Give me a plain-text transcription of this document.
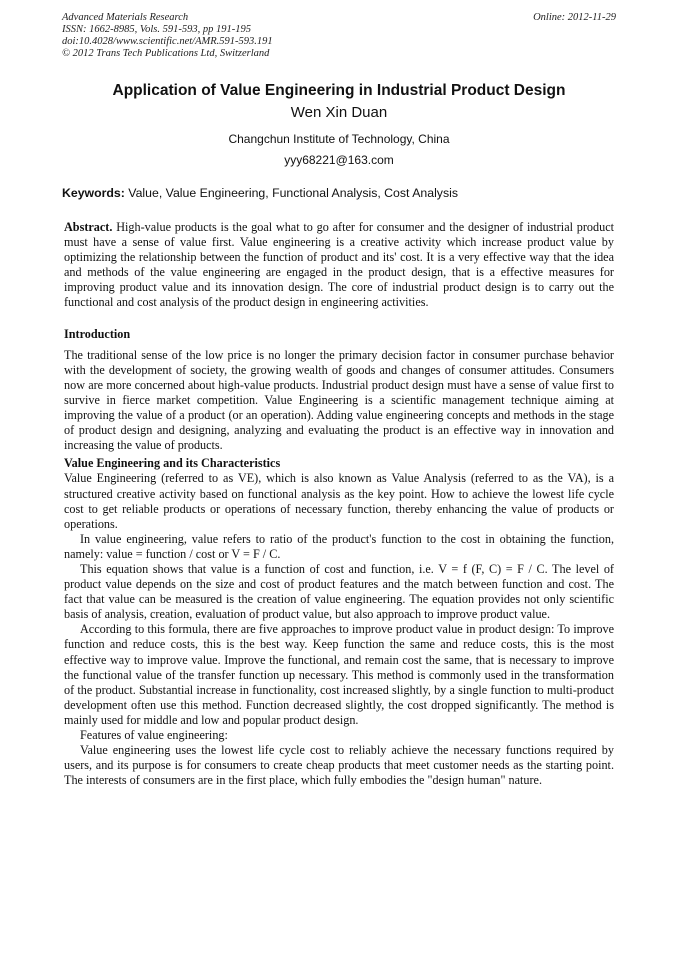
Advanced Materials Research
ISSN: 1662-8985, Vols. 591-593, pp 191-195
doi:10.4028/www.scientific.net/AMR.591-593.191
© 2012 Trans Tech Publications Ltd, Switzerland
Online: 2012-11-29
Application of Value Engineering in Industrial Product Design
Wen Xin Duan
Changchun Institute of Technology, China
yyy68221@163.com
Keywords: Value, Value Engineering, Functional Analysis, Cost Analysis

Abstract. High-value products is the goal what to go after for consumer and the designer of industrial product must have a sense of value first. Value engineering is a creative activity which increase product value by optimizing the relationship between the function of product and its' cost. It is a very effective way that the idea and methods of the value engineering are engaged in the product design, that is a effective measures for improving product value and its innovation design. The core of industrial product design is to carry out the functional and cost analysis of the product design in engineering activities.

Introduction

The traditional sense of the low price is no longer the primary decision factor in consumer purchase behavior with the development of society, the growing wealth of goods and changes of consumer attitudes. Consumers now are more concerned about high-value products. Industrial product design must have a sense of value first to survive in fierce market competition. Value Engineering is a scientific management technique aiming at improving the value of a product (or an operation). Adding value engineering concepts and methods in the stage of product design and designing, analyzing and evaluating the product is an effective way in innovation and increasing the value of products.

Value Engineering and its Characteristics

Value Engineering (referred to as VE), which is also known as Value Analysis (referred to as the VA), is a structured creative activity based on functional analysis as the key point. How to achieve the lowest life cycle cost to get reliable products or operations of necessary function, thereby enhancing the value of products or operations.

In value engineering, value refers to ratio of the product's function to the cost in obtaining the function, namely: value = function / cost or V = F / C.

This equation shows that value is a function of cost and function, i.e. V = f (F, C) = F / C. The level of product value depends on the size and cost of product features and the match between function and cost. The fact that value can be measured is the creation of value engineering. The equation provides not only scientific basis of analysis, creation, evaluation of product value, but also approach to improve product value.

According to this formula, there are five approaches to improve product value in product design: To improve function and reduce costs, this is the best way. Keep function the same and reduce costs, this is the most effective way to improve value. Improve the functional, and remain cost the same, that is necessary to improve the functional value of the transfer function up necessary. This method is commonly used in the transformation of the product. Substantial increase in functionality, cost increased slightly, by a single function to multi-product development often use this method. Function decreased slightly, the cost dropped significantly. The method is mainly used for middle and low and popular product design.

Features of value engineering:

Value engineering uses the lowest life cycle cost to reliably achieve the necessary functions required by users, and its purpose is for consumers to create cheap products that meet customer needs as the starting point. The interests of consumers are in the first place, which fully embodies the "design human" nature.
